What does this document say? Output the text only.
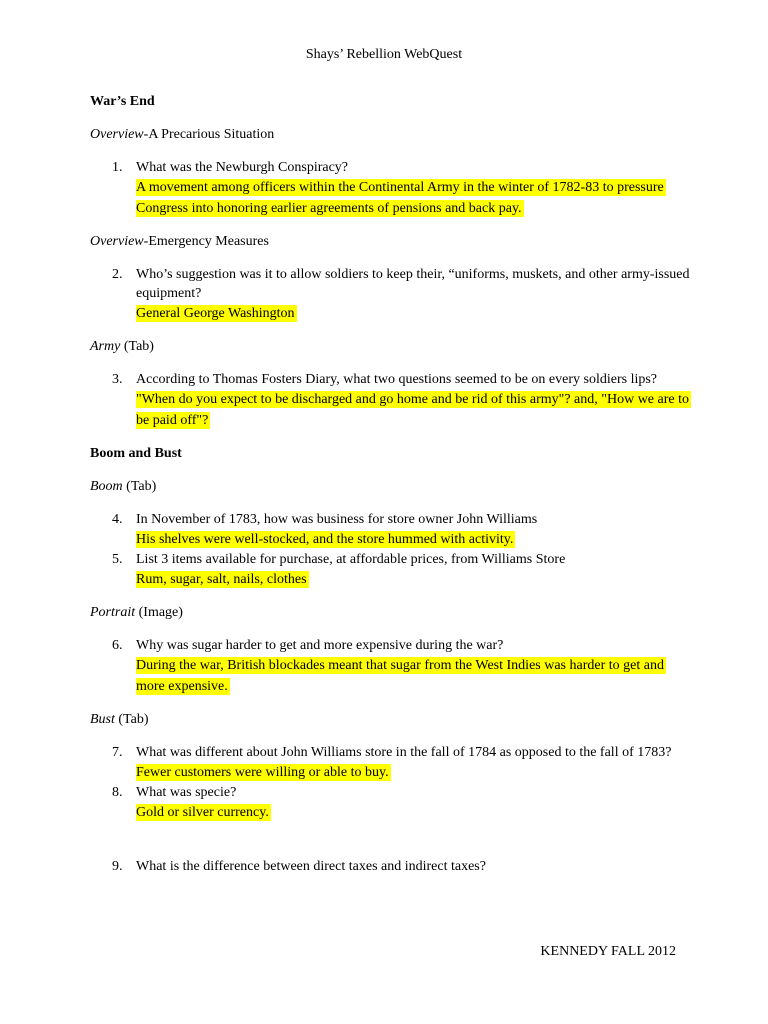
Shays’ Rebellion WebQuest

War’s End

Overview-A Precarious Situation

1. What was the Newburgh Conspiracy?
A movement among officers within the Continental Army in the winter of 1782-83 to pressure Congress into honoring earlier agreements of pensions and back pay.

Overview-Emergency Measures

2. Who’s suggestion was it to allow soldiers to keep their, “uniforms, muskets, and other army-issued equipment?
General George Washington

Army (Tab)

3. According to Thomas Fosters Diary, what two questions seemed to be on every soldiers lips?
"When do you expect to be discharged and go home and be rid of this army"? and, "How we are to be paid off"?

Boom and Bust

Boom (Tab)

4. In November of 1783, how was business for store owner John Williams
His shelves were well-stocked, and the store hummed with activity.
5. List 3 items available for purchase, at affordable prices, from Williams Store
Rum, sugar, salt, nails, clothes

Portrait (Image)

6. Why was sugar harder to get and more expensive during the war?
During the war, British blockades meant that sugar from the West Indies was harder to get and more expensive.

Bust (Tab)

7. What was different about John Williams store in the fall of 1784 as opposed to the fall of 1783?
Fewer customers were willing or able to buy.
8. What was specie?
Gold or silver currency.
9. What is the difference between direct taxes and indirect taxes?
KENNEDY FALL 2012
